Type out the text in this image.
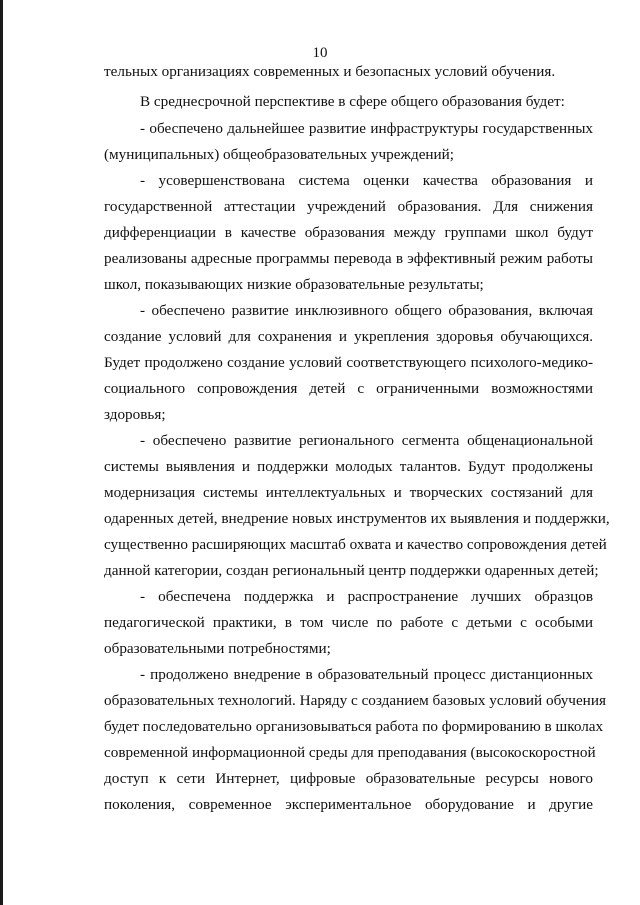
10
тельных организациях современных и безопасных условий обучения.
В среднесрочной перспективе в сфере общего образования будет:
- обеспечено дальнейшее развитие инфраструктуры государственных
(муниципальных) общеобразовательных учреждений;
- усовершенствована система оценки качества образования и
государственной аттестации учреждений образования. Для снижения
дифференциации в качестве образования между группами школ будут
реализованы адресные программы перевода в эффективный режим работы
школ, показывающих низкие образовательные результаты;
- обеспечено развитие инклюзивного общего образования, включая
создание условий для сохранения и укрепления здоровья обучающихся.
Будет продолжено создание условий соответствующего психолого-медико-
социального сопровождения детей с ограниченными возможностями
здоровья;
- обеспечено развитие регионального сегмента общенациональной
системы выявления и поддержки молодых талантов. Будут продолжены
модернизация системы интеллектуальных и творческих состязаний для
одаренных детей, внедрение новых инструментов их выявления и поддержки,
существенно расширяющих масштаб охвата и качество сопровождения детей
данной категории, создан региональный центр поддержки одаренных детей;
- обеспечена поддержка и распространение лучших образцов
педагогической практики, в том числе по работе с детьми с особыми
образовательными потребностями;
- продолжено внедрение в образовательный процесс дистанционных
образовательных технологий. Наряду с созданием базовых условий обучения
будет последовательно организовываться работа по формированию в школах
современной информационной среды для преподавания (высокоскоростной
доступ к сети Интернет, цифровые образовательные ресурсы нового
поколения, современное экспериментальное оборудование и другие
